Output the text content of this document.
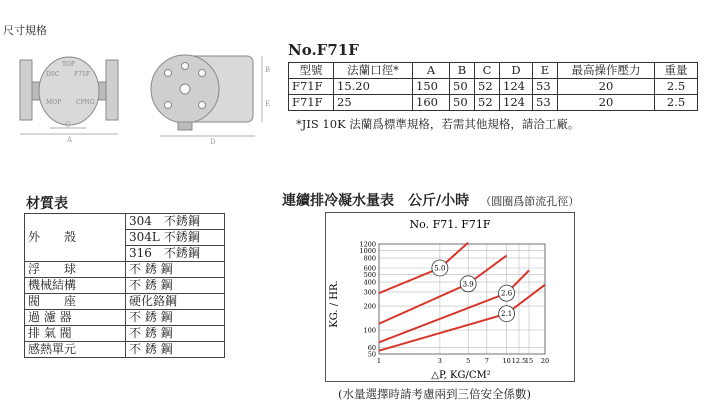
尺寸規格
TOP
DSC F71F
MOP CPNG
A
C
D
B
E
No.F71F
型號	法蘭口徑*	A	B	C	D	E	最高操作壓力	重量
F71F	15.20	150	50	52	124	53	20	2.5
F71F	25	160	50	52	124	53	20	2.5
*JIS 10K 法蘭爲標準規格，若需其他規格，請洽工廠。
材質表
外　　殼	304　不銹鋼
	304L 不銹鋼
	316　不銹鋼
浮　　球	不 銹 鋼
機械結構	不 銹 鋼
閥　　座	硬化鉻鋼
過 濾 器	不 銹 鋼
排 氣 閥	不 銹 鋼
感熱單元	不 銹 鋼
連續排冷凝水量表　公斤/小時 （圓圈爲節流孔徑）
No. F71. F71F
50
60
100
200
300
400
500
600
800
1000
1200
1	3	5 7 10 12.5
15 20
5.0
3.9
2.6
2.1
KG. / HR.
△P, KG/CM²
(水量選擇時請考慮兩到三倍安全係數)
